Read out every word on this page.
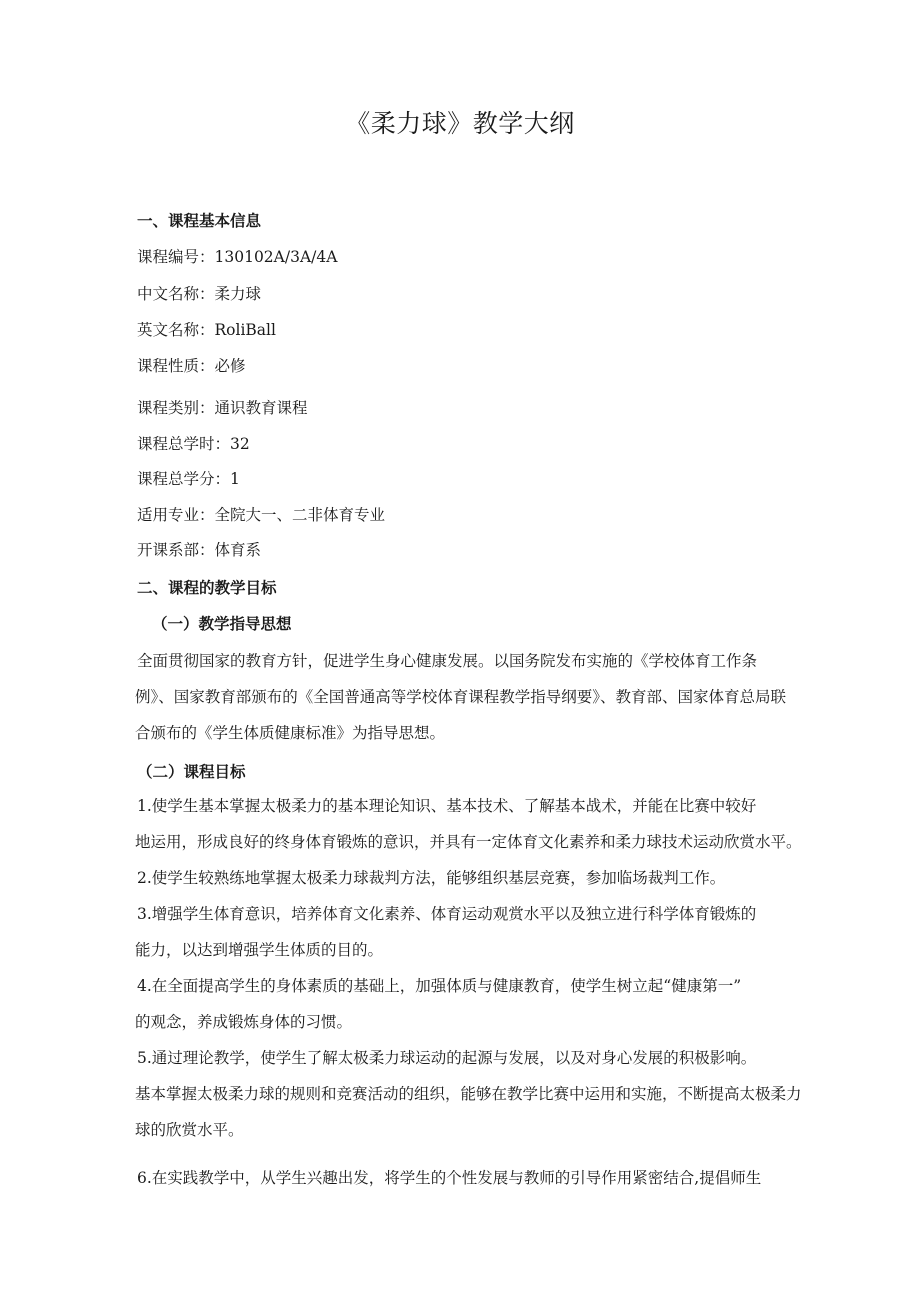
《柔力球》教学大纲
一、课程基本信息
课程编号：130102A/3A/4A
中文名称：柔力球
英文名称：RoliBall
课程性质：必修
课程类别：通识教育课程
课程总学时：32
课程总学分：1
适用专业：全院大一、二非体育专业
开课系部：体育系
二、课程的教学目标
（一）教学指导思想
全面贯彻国家的教育方针，促进学生身心健康发展。以国务院发布实施的《学校体育工作条
例》、国家教育部颁布的《全国普通高等学校体育课程教学指导纲要》、教育部、国家体育总局联
合颁布的《学生体质健康标准》为指导思想。
（二）课程目标
1.使学生基本掌握太极柔力的基本理论知识、基本技术、了解基本战术，并能在比赛中较好
地运用，形成良好的终身体育锻炼的意识，并具有一定体育文化素养和柔力球技术运动欣赏水平。
2.使学生较熟练地掌握太极柔力球裁判方法，能够组织基层竞赛，参加临场裁判工作。
3.增强学生体育意识，培养体育文化素养、体育运动观赏水平以及独立进行科学体育锻炼的
能力，以达到增强学生体质的目的。
4.在全面提高学生的身体素质的基础上，加强体质与健康教育，使学生树立起“健康第一”
的观念，养成锻炼身体的习惯。
5.通过理论教学，使学生了解太极柔力球运动的起源与发展，以及对身心发展的积极影响。
基本掌握太极柔力球的规则和竞赛活动的组织，能够在教学比赛中运用和实施，不断提高太极柔力
球的欣赏水平。
6.在实践教学中，从学生兴趣出发，将学生的个性发展与教师的引导作用紧密结合,提倡师生
